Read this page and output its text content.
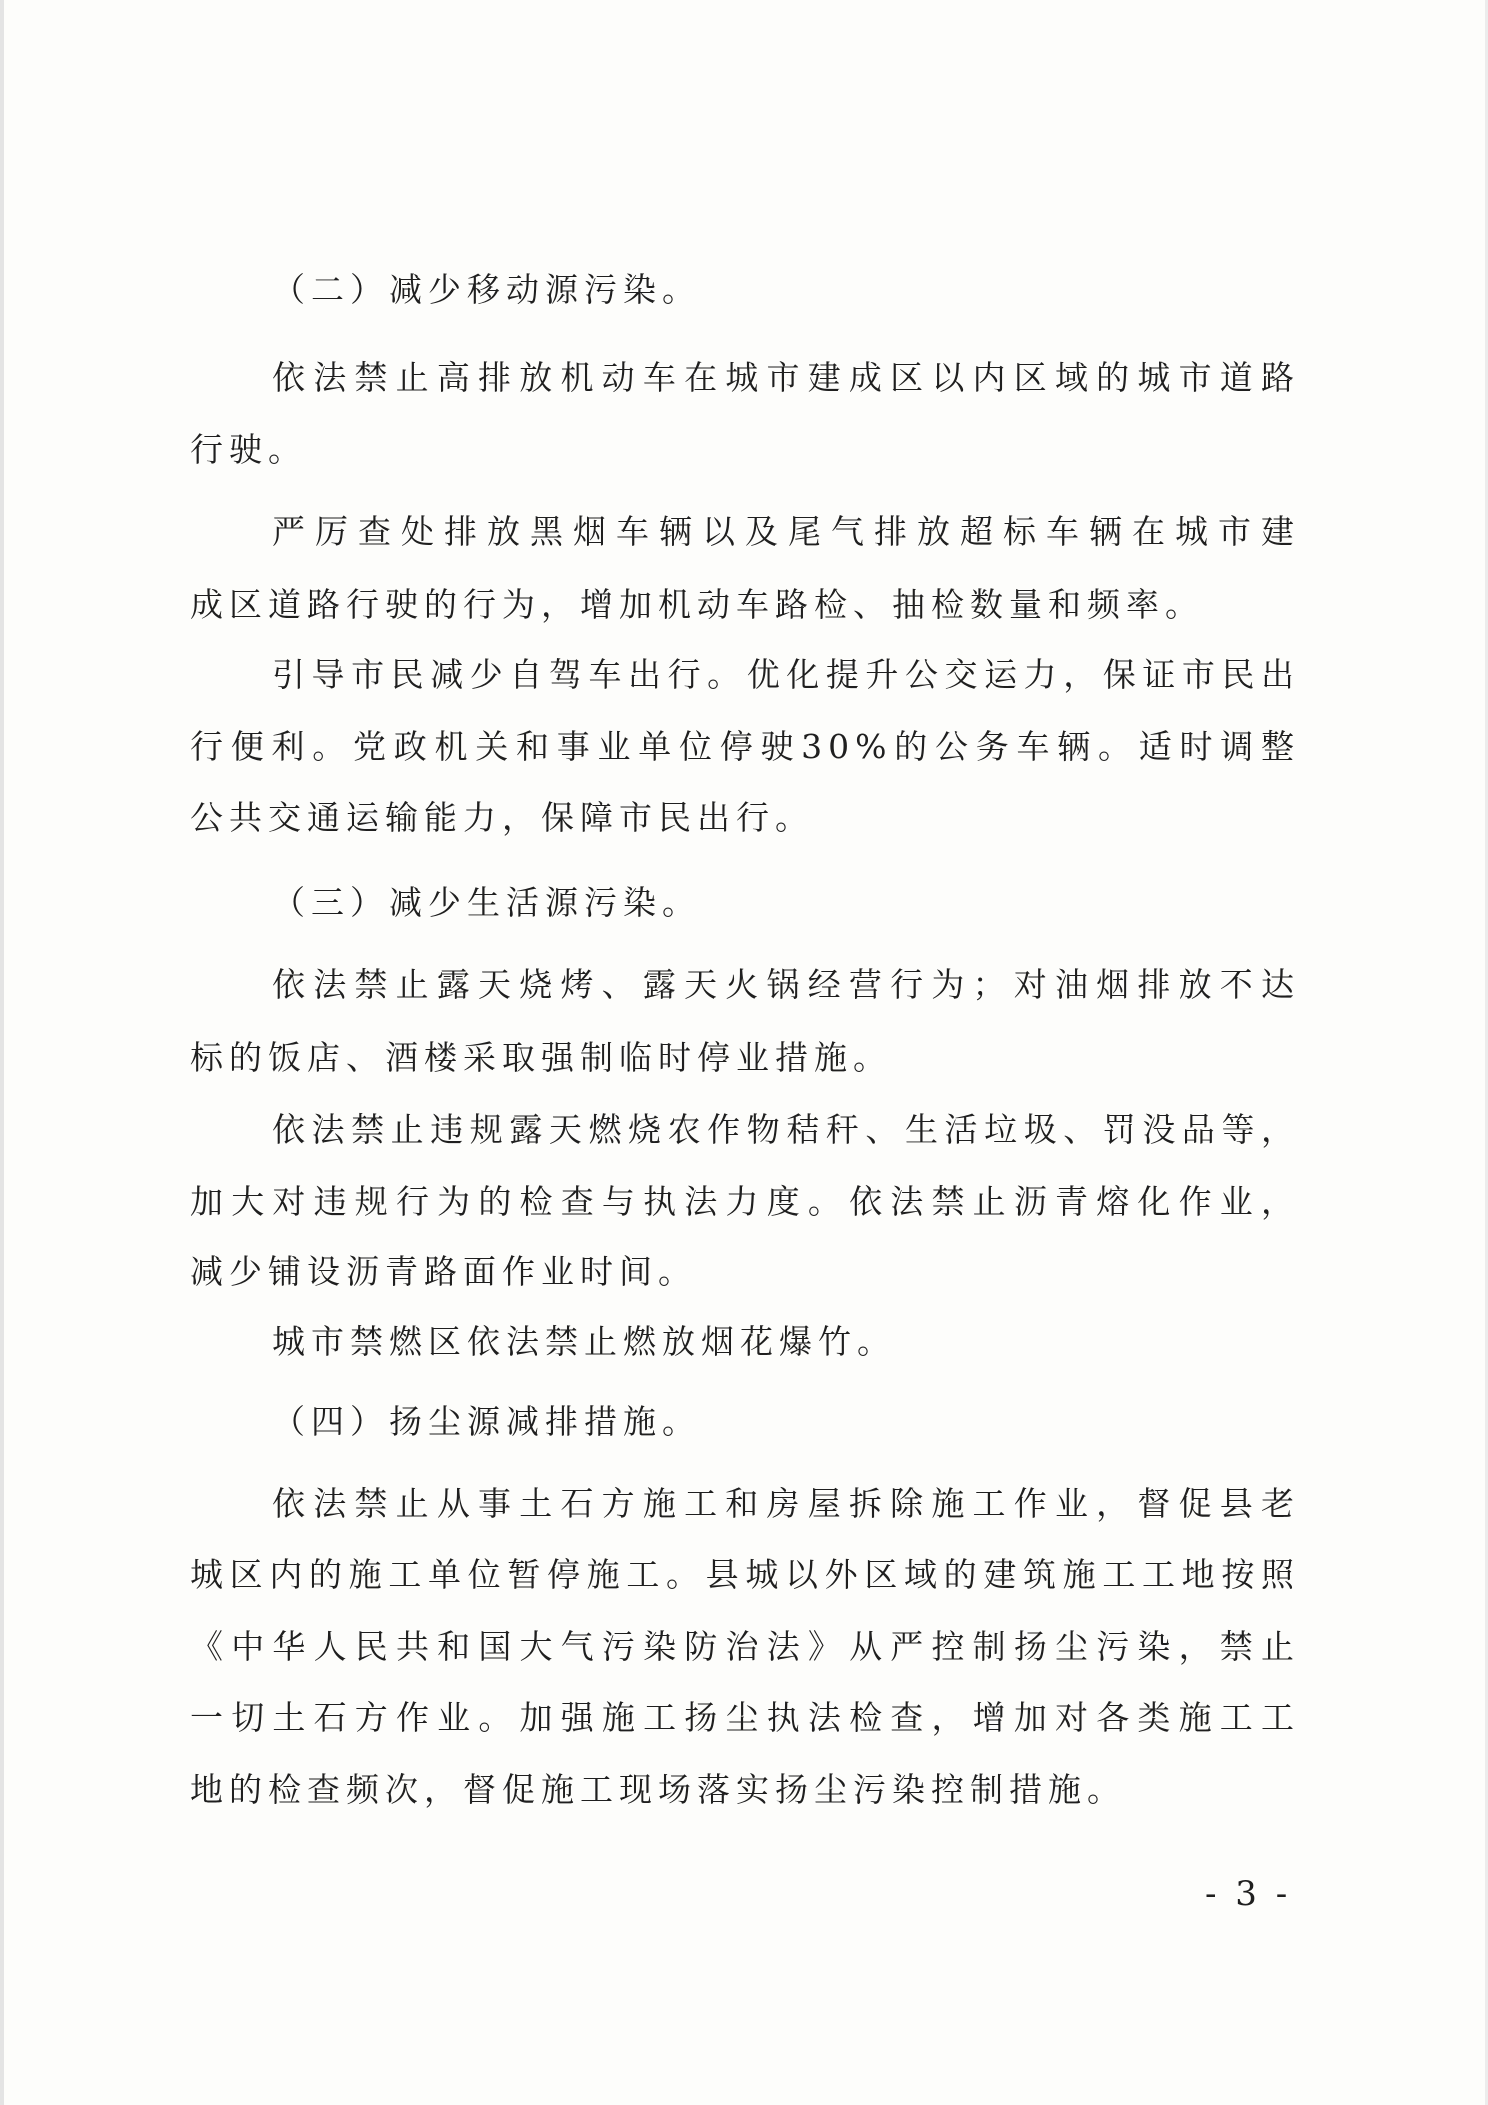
（二）减少移动源污染。
依法禁止高排放机动车在城市建成区以内区域的城市道路
行驶。
严厉查处排放黑烟车辆以及尾气排放超标车辆在城市建
成区道路行驶的行为，增加机动车路检、抽检数量和频率。
引导市民减少自驾车出行。优化提升公交运力，保证市民出
行便利。党政机关和事业单位停驶30%的公务车辆。适时调整
公共交通运输能力，保障市民出行。
（三）减少生活源污染。
依法禁止露天烧烤、露天火锅经营行为；对油烟排放不达
标的饭店、酒楼采取强制临时停业措施。
依法禁止违规露天燃烧农作物秸秆、生活垃圾、罚没品等，
加大对违规行为的检查与执法力度。依法禁止沥青熔化作业，
减少铺设沥青路面作业时间。
城市禁燃区依法禁止燃放烟花爆竹。
（四）扬尘源减排措施。
依法禁止从事土石方施工和房屋拆除施工作业，督促县老
城区内的施工单位暂停施工。县城以外区域的建筑施工工地按照
《中华人民共和国大气污染防治法》从严控制扬尘污染，禁止
一切土石方作业。加强施工扬尘执法检查，增加对各类施工工
地的检查频次，督促施工现场落实扬尘污染控制措施。
- 3 -
